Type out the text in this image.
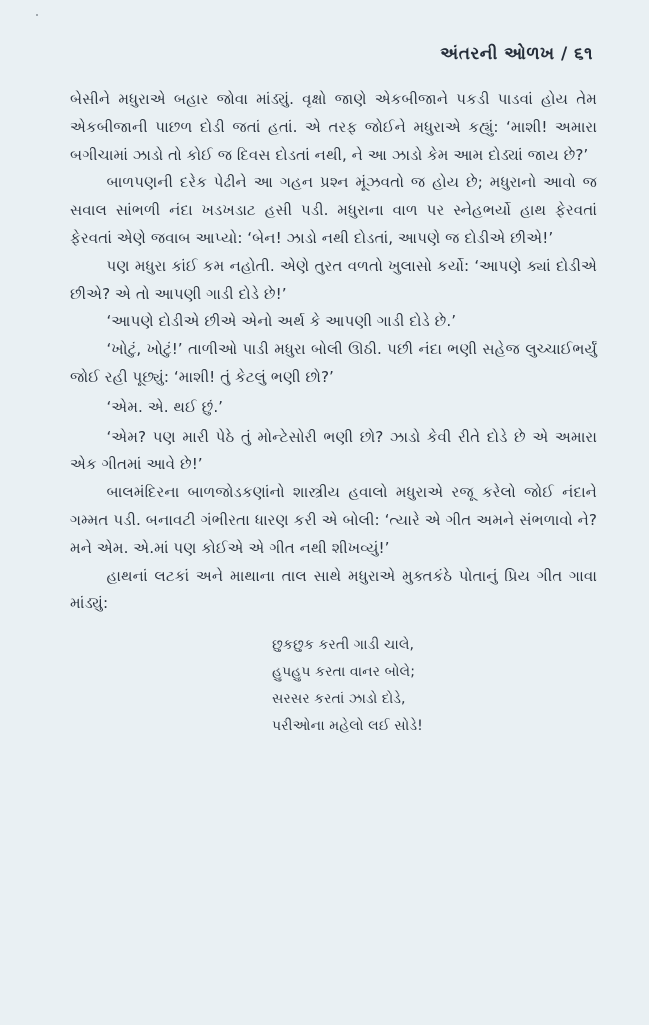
અંતરની ઓળખ / ૬૧

બેસીને મધુરાએ બહાર જોવા માંડ્યું. વૃક્ષો જાણે એકબીજાને પકડી પાડવાં હોય તેમ એકબીજાની પાછળ દોડી જતાં હતાં. એ તરફ જોઈને મધુરાએ કહ્યું: ‘માશી! અમારા બગીચામાં ઝાડો તો કોઈ જ દિવસ દોડતાં નથી, ને આ ઝાડો કેમ આમ દોડ્યાં જાય છે?’

બાળપણની દરેક પેઢીને આ ગહન પ્રશ્ન મૂંઝવતો જ હોય છે; મધુરાનો આવો જ સવાલ સાંભળી નંદા ખડખડાટ હસી પડી. મધુરાના વાળ પર સ્નેહભર્યો હાથ ફેરવતાં ફેરવતાં એણે જવાબ આપ્યો: ‘બેન! ઝાડો નથી દોડતાં, આપણે જ દોડીએ છીએ!’

પણ મધુરા કાંઈ કમ નહોતી. એણે તુરત વળતો ખુલાસો કર્યો: ‘આપણે ક્યાં દોડીએ છીએ? એ તો આપણી ગાડી દોડે છે!’

‘આપણે દોડીએ છીએ એનો અર્થ કે આપણી ગાડી દોડે છે.’

‘ખોટું, ખોટું!’ તાળીઓ પાડી મધુરા બોલી ઊઠી. પછી નંદા ભણી સહેજ લુચ્ચાઈભર્યું જોઈ રહી પૂછ્યું: ‘માશી! તું કેટલું ભણી છો?’

‘એમ. એ. થઈ છું.’

‘એમ? પણ મારી પેઠે તું મોન્ટેસોરી ભણી છો? ઝાડો કેવી રીતે દોડે છે એ અમારા એક ગીતમાં આવે છે!’

બાલમંદિરના બાળજોડકણાંનો શાસ્ત્રીય હવાલો મધુરાએ રજૂ કરેલો જોઈ નંદાને ગમ્મત પડી. બનાવટી ગંભીરતા ધારણ કરી એ બોલી: ‘ત્યારે એ ગીત અમને સંભળાવો ને? મને એમ. એ.માં પણ કોઈએ એ ગીત નથી શીખવ્યું!’

હાથનાં લટકાં અને માથાના તાલ સાથે મધુરાએ મુક્તકંઠે પોતાનું પ્રિય ગીત ગાવા માંડ્યું:

છુકછુક કરતી ગાડી ચાલે,
હુપહુપ કરતા વાનર બોલે;
સરસર કરતાં ઝાડો દોડે,
પરીઓના મહેલો લઈ સોડે!
